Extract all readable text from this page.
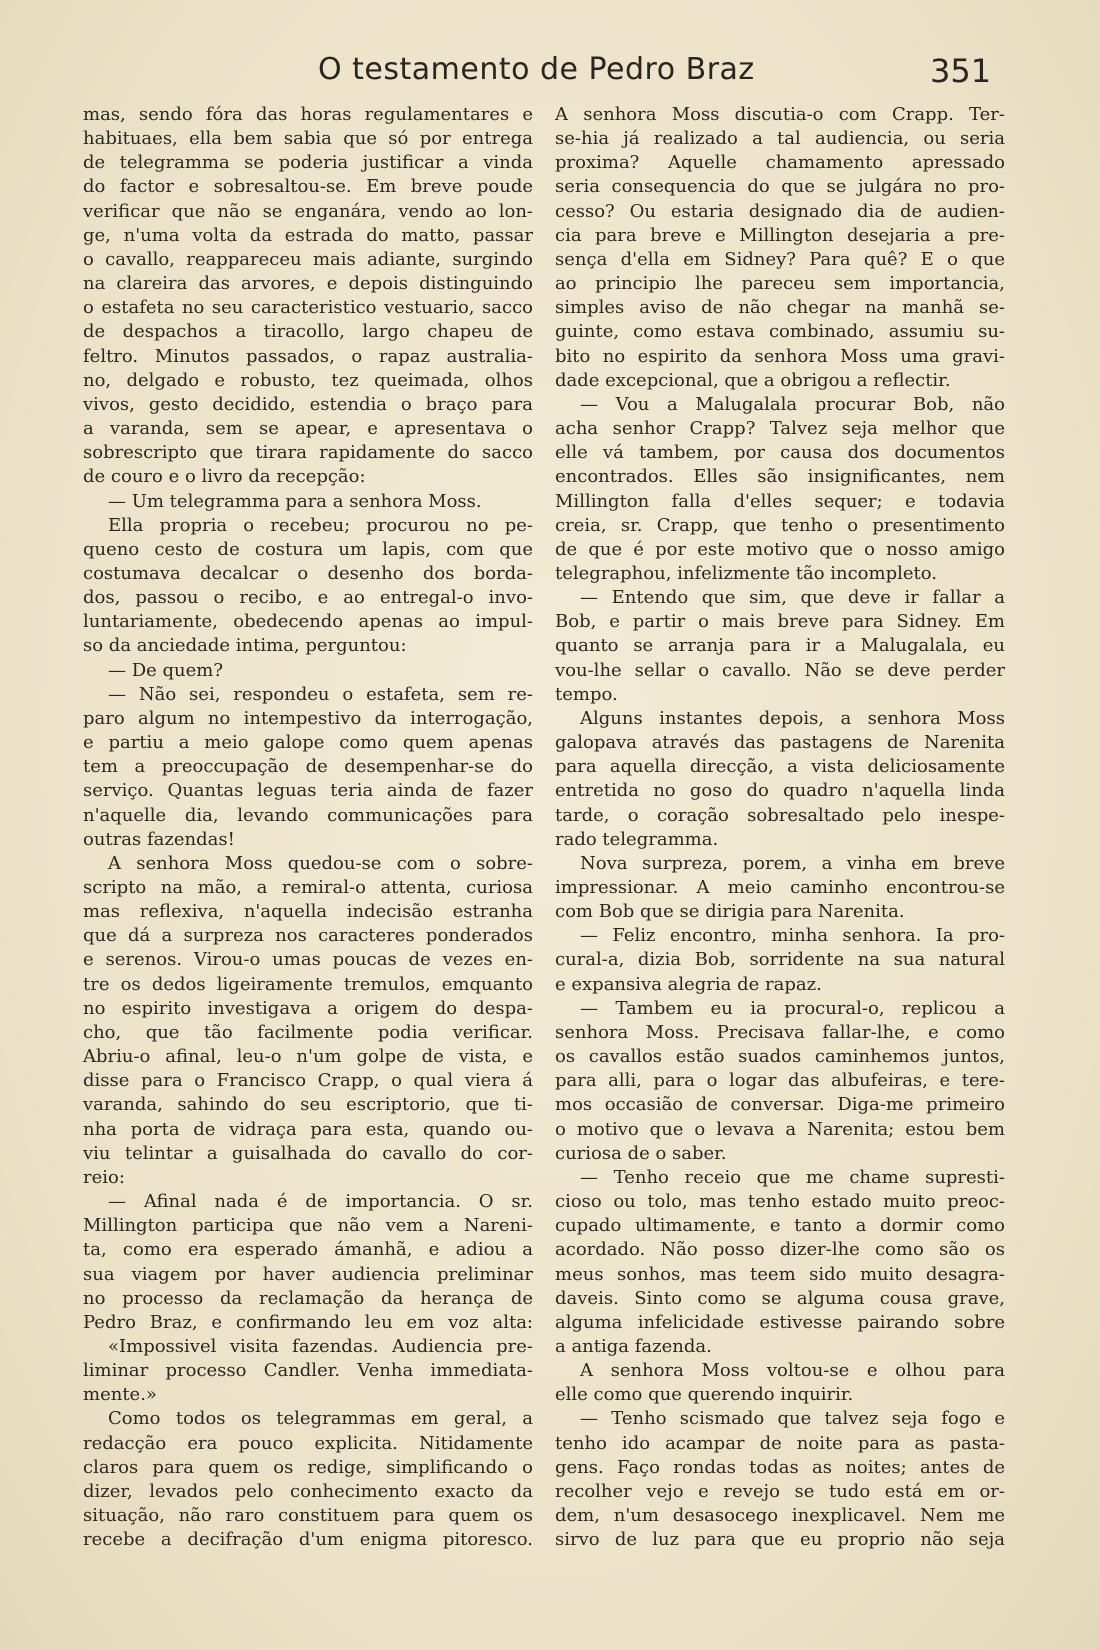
O testamento de Pedro Braz	351

mas, sendo fóra das horas regulamentares e

habituaes, ella bem sabia que só por entrega

de telegramma se poderia justificar a vinda

do factor e sobresaltou-se. Em breve poude

verificar que não se enganára, vendo ao lon-

ge, n'uma volta da estrada do matto, passar

o cavallo, reappareceu mais adiante, surgindo

na clareira das arvores, e depois distinguindo

o estafeta no seu caracteristico vestuario, sacco

de despachos a tiracollo, largo chapeu de

feltro. Minutos passados, o rapaz australia-

no, delgado e robusto, tez queimada, olhos

vivos, gesto decidido, estendia o braço para

a varanda, sem se apear, e apresentava o

sobrescripto que tirara rapidamente do sacco

de couro e o livro da recepção:

— Um telegramma para a senhora Moss.

Ella propria o recebeu; procurou no pe-

queno cesto de costura um lapis, com que

costumava decalcar o desenho dos borda-

dos, passou o recibo, e ao entregal-o invo-

luntariamente, obedecendo apenas ao impul-

so da anciedade intima, perguntou:

— De quem?

— Não sei, respondeu o estafeta, sem re-

paro algum no intempestivo da interrogação,

e partiu a meio galope como quem apenas

tem a preoccupação de desempenhar-se do

serviço. Quantas leguas teria ainda de fazer

n'aquelle dia, levando communicações para

outras fazendas!

A senhora Moss quedou-se com o sobre-

scripto na mão, a remiral-o attenta, curiosa

mas reflexiva, n'aquella indecisão estranha

que dá a surpreza nos caracteres ponderados

e serenos. Virou-o umas poucas de vezes en-

tre os dedos ligeiramente tremulos, emquanto

no espirito investigava a origem do despa-

cho, que tão facilmente podia verificar.

Abriu-o afinal, leu-o n'um golpe de vista, e

disse para o Francisco Crapp, o qual viera á

varanda, sahindo do seu escriptorio, que ti-

nha porta de vidraça para esta, quando ou-

viu telintar a guisalhada do cavallo do cor-

reio:

— Afinal nada é de importancia. O sr.

Millington participa que não vem a Nareni-

ta, como era esperado ámanhã, e adiou a

sua viagem por haver audiencia preliminar

no processo da reclamação da herança de

Pedro Braz, e confirmando leu em voz alta:

«Impossivel visita fazendas. Audiencia pre-

liminar processo Candler. Venha immediata-

mente.»

Como todos os telegrammas em geral, a

redacção era pouco explicita. Nitidamente

claros para quem os redige, simplificando o

dizer, levados pelo conhecimento exacto da

situação, não raro constituem para quem os

recebe a decifração d'um enigma pitoresco.

A senhora Moss discutia-o com Crapp. Ter-

se-hia já realizado a tal audiencia, ou seria

proxima? Aquelle chamamento apressado

seria consequencia do que se julgára no pro-

cesso? Ou estaria designado dia de audien-

cia para breve e Millington desejaria a pre-

sença d'ella em Sidney? Para quê? E o que

ao principio lhe pareceu sem importancia,

simples aviso de não chegar na manhã se-

guinte, como estava combinado, assumiu su-

bito no espirito da senhora Moss uma gravi-

dade excepcional, que a obrigou a reflectir.

— Vou a Malugalala procurar Bob, não

acha senhor Crapp? Talvez seja melhor que

elle vá tambem, por causa dos documentos

encontrados. Elles são insignificantes, nem

Millington falla d'elles sequer; e todavia

creia, sr. Crapp, que tenho o presentimento

de que é por este motivo que o nosso amigo

telegraphou, infelizmente tão incompleto.

— Entendo que sim, que deve ir fallar a

Bob, e partir o mais breve para Sidney. Em

quanto se arranja para ir a Malugalala, eu

vou-lhe sellar o cavallo. Não se deve perder

tempo.

Alguns instantes depois, a senhora Moss

galopava através das pastagens de Narenita

para aquella direcção, a vista deliciosamente

entretida no goso do quadro n'aquella linda

tarde, o coração sobresaltado pelo inespe-

rado telegramma.

Nova surpreza, porem, a vinha em breve

impressionar. A meio caminho encontrou-se

com Bob que se dirigia para Narenita.

— Feliz encontro, minha senhora. Ia pro-

cural-a, dizia Bob, sorridente na sua natural

e expansiva alegria de rapaz.

— Tambem eu ia procural-o, replicou a

senhora Moss. Precisava fallar-lhe, e como

os cavallos estão suados caminhemos juntos,

para alli, para o logar das albufeiras, e tere-

mos occasião de conversar. Diga-me primeiro

o motivo que o levava a Narenita; estou bem

curiosa de o saber.

— Tenho receio que me chame supresti-

cioso ou tolo, mas tenho estado muito preoc-

cupado ultimamente, e tanto a dormir como

acordado. Não posso dizer-lhe como são os

meus sonhos, mas teem sido muito desagra-

daveis. Sinto como se alguma cousa grave,

alguma infelicidade estivesse pairando sobre

a antiga fazenda.

A senhora Moss voltou-se e olhou para

elle como que querendo inquirir.

— Tenho scismado que talvez seja fogo e

tenho ido acampar de noite para as pasta-

gens. Faço rondas todas as noites; antes de

recolher vejo e revejo se tudo está em or-

dem, n'um desasocego inexplicavel. Nem me

sirvo de luz para que eu proprio não seja
